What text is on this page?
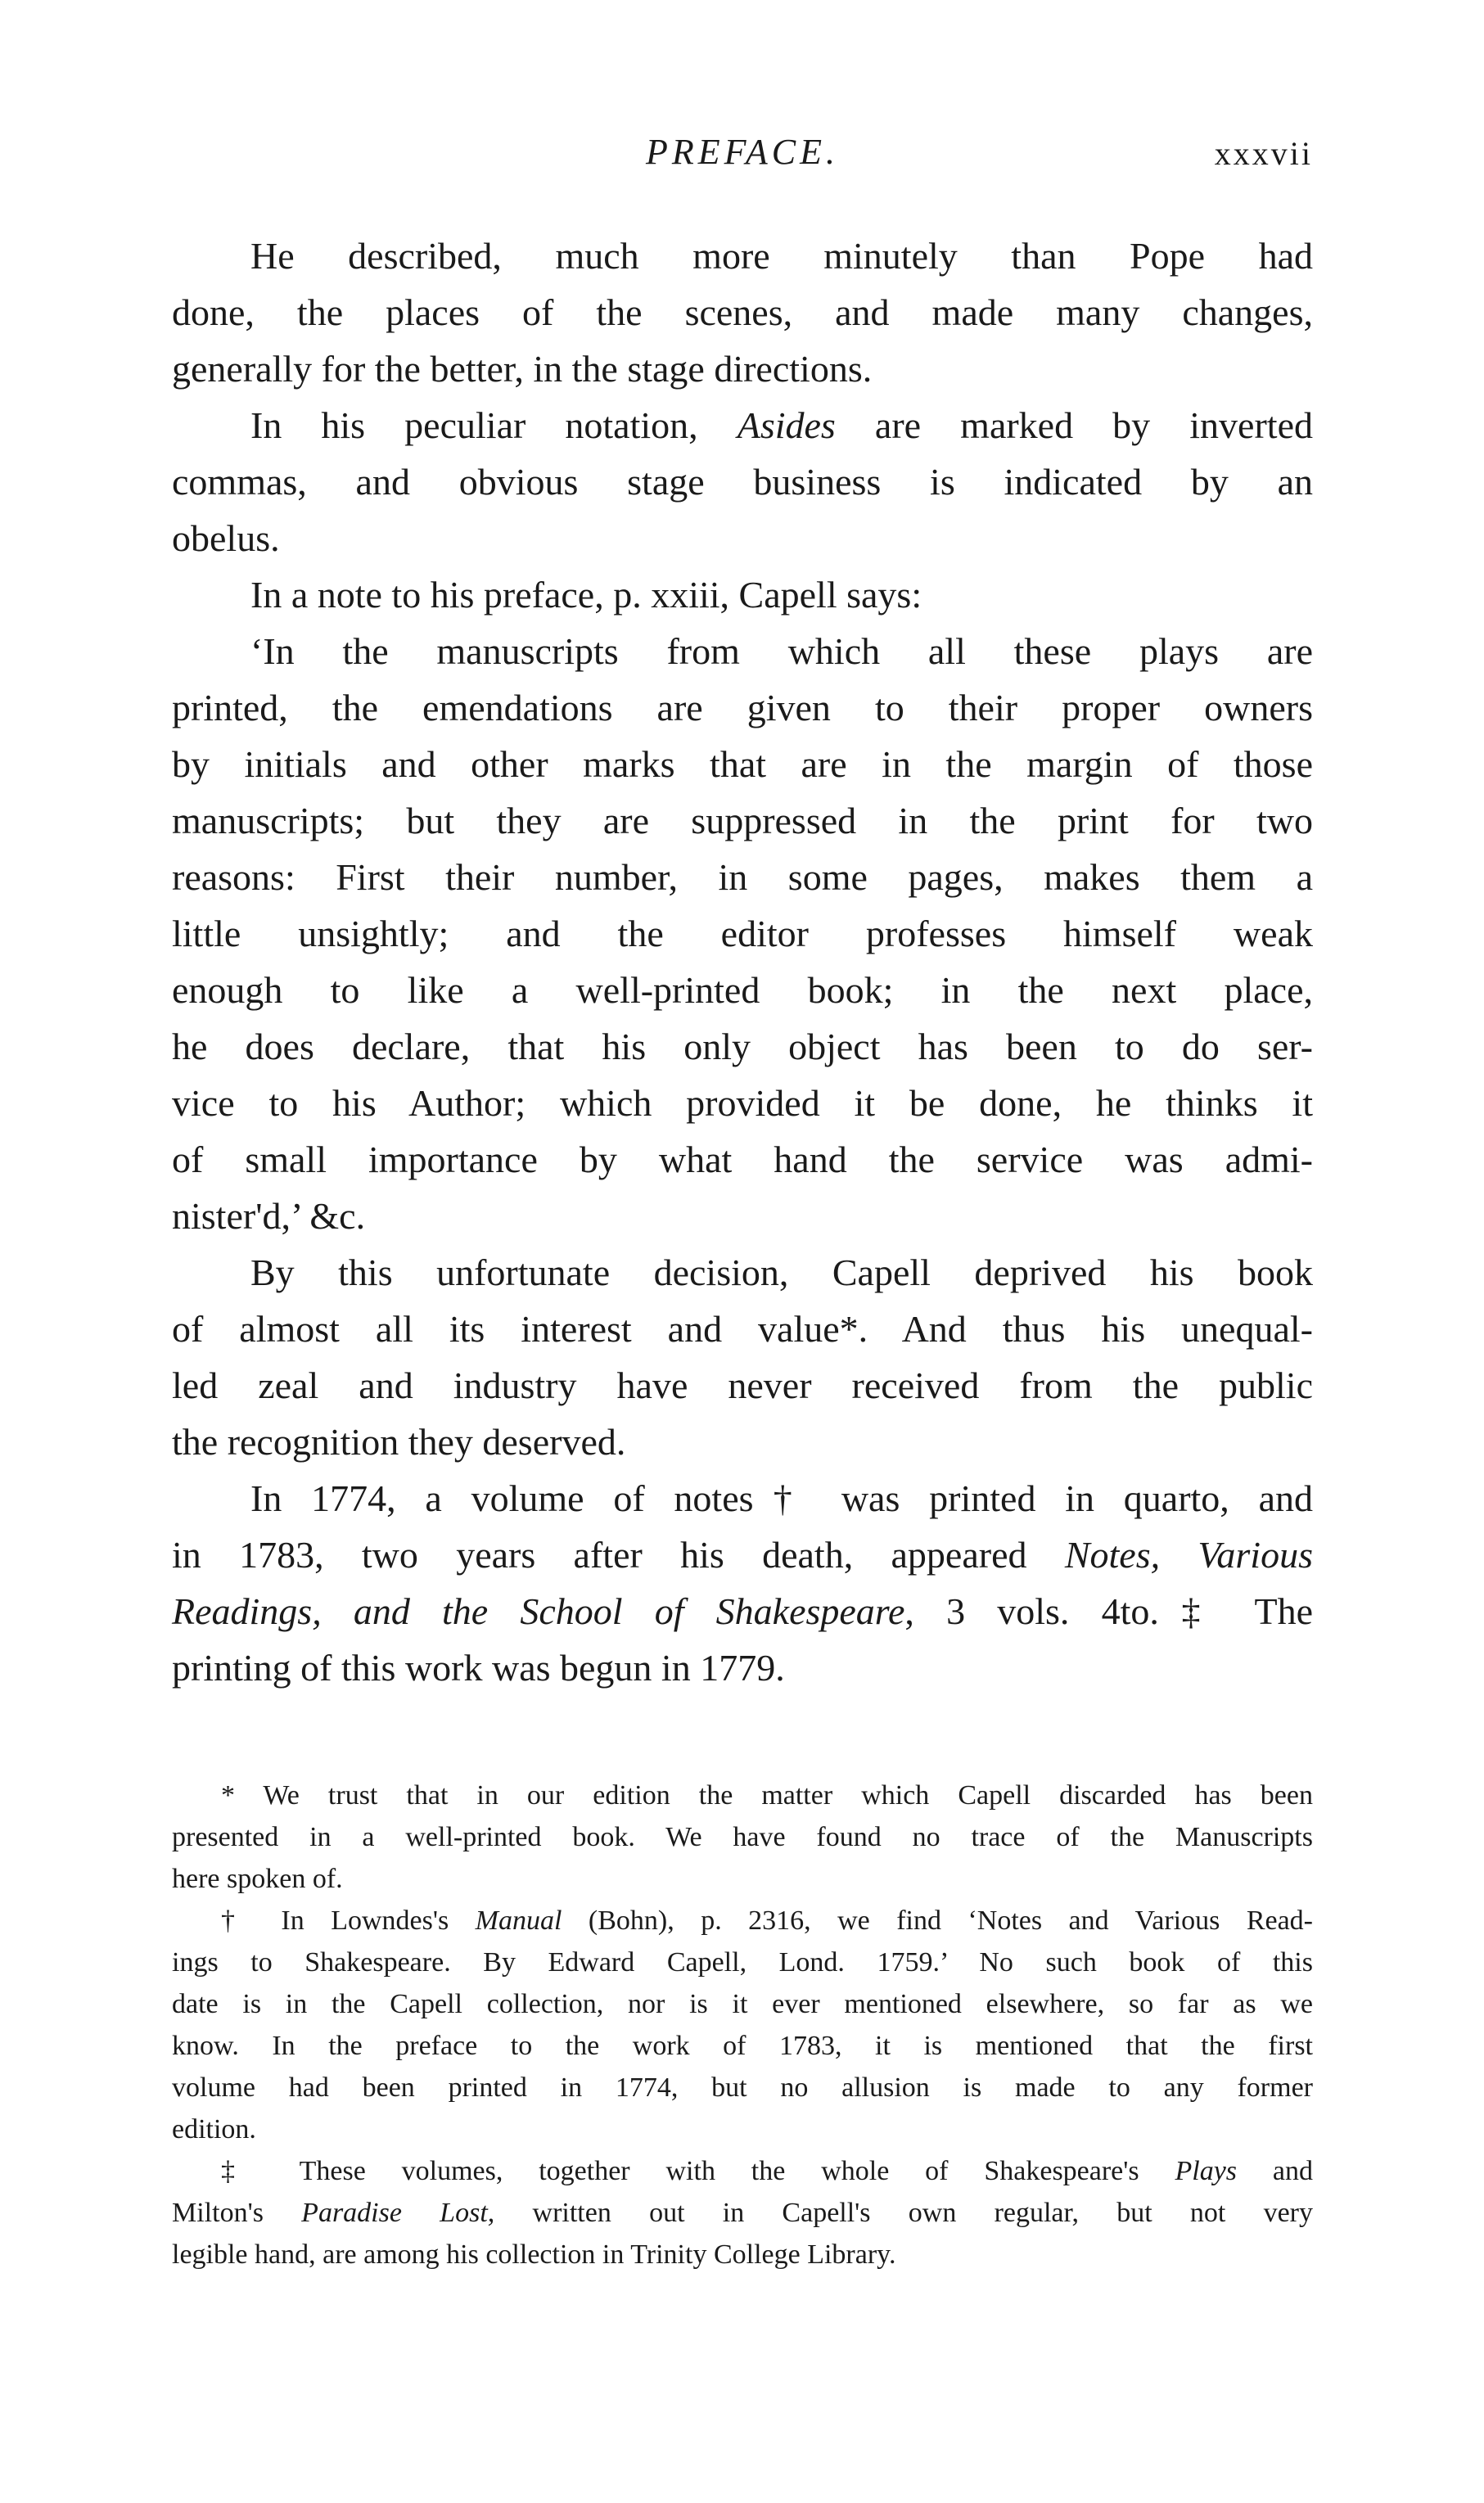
PREFACE.	xxxvii
He described, much more minutely than Pope had
done, the places of the scenes, and made many changes,
generally for the better, in the stage directions.
In his peculiar notation, Asides are marked by inverted
commas, and obvious stage business is indicated by an
obelus.
In a note to his preface, p. xxiii, Capell says:
‘In the manuscripts from which all these plays are
printed, the emendations are given to their proper owners
by initials and other marks that are in the margin of those
manuscripts; but they are suppressed in the print for two
reasons: First their number, in some pages, makes them a
little unsightly; and the editor professes himself weak
enough to like a well-printed book; in the next place,
he does declare, that his only object has been to do ser-
vice to his Author; which provided it be done, he thinks it
of small importance by what hand the service was admi-
nister'd,’ &c.
By this unfortunate decision, Capell deprived his book
of almost all its interest and value*. And thus his unequal-
led zeal and industry have never received from the public
the recognition they deserved.
In 1774, a volume of notes† was printed in quarto, and
in 1783, two years after his death, appeared Notes, Various
Readings, and the School of Shakespeare, 3 vols. 4to.‡ The
printing of this work was begun in 1779.
* We trust that in our edition the matter which Capell discarded has been
presented in a well-printed book. We have found no trace of the Manuscripts
here spoken of.
† In Lowndes's Manual (Bohn), p. 2316, we find ‘Notes and Various Read-
ings to Shakespeare. By Edward Capell, Lond. 1759.’ No such book of this
date is in the Capell collection, nor is it ever mentioned elsewhere, so far as we
know. In the preface to the work of 1783, it is mentioned that the first
volume had been printed in 1774, but no allusion is made to any former
edition.
‡ These volumes, together with the whole of Shakespeare's Plays and
Milton's Paradise Lost, written out in Capell's own regular, but not very
legible hand, are among his collection in Trinity College Library.
